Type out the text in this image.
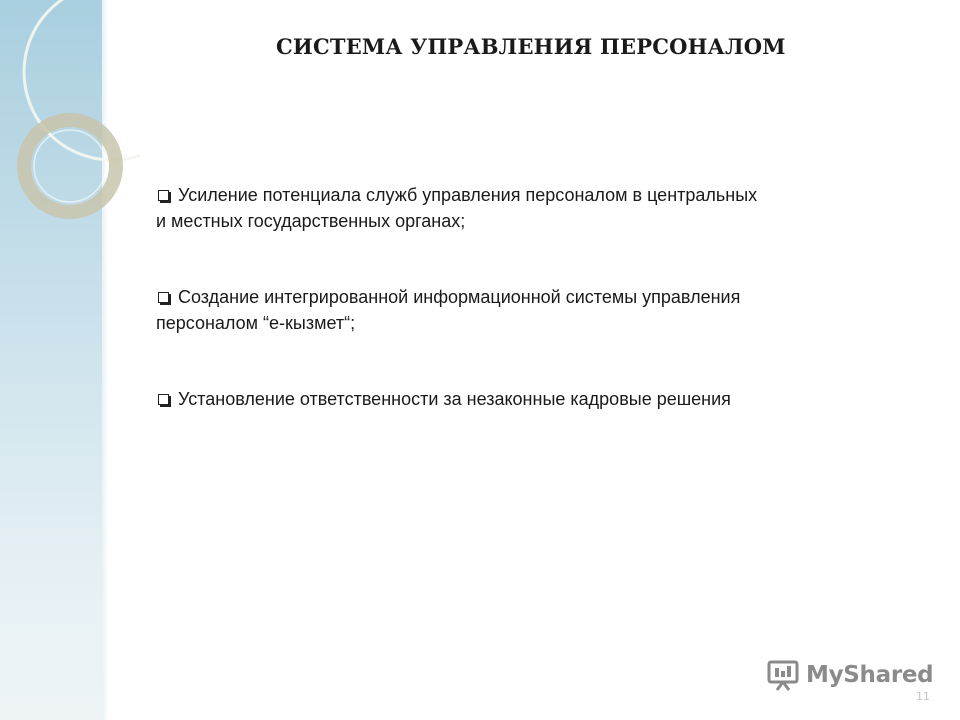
СИСТЕМА УПРАВЛЕНИЯ ПЕРСОНАЛОМ
Усиление потенциала служб управления персоналом в центральных
и местных государственных органах;
Создание интегрированной информационной системы управления
персоналом “е-кызмет“;
Установление ответственности за незаконные кадровые решения
MyShared
11
